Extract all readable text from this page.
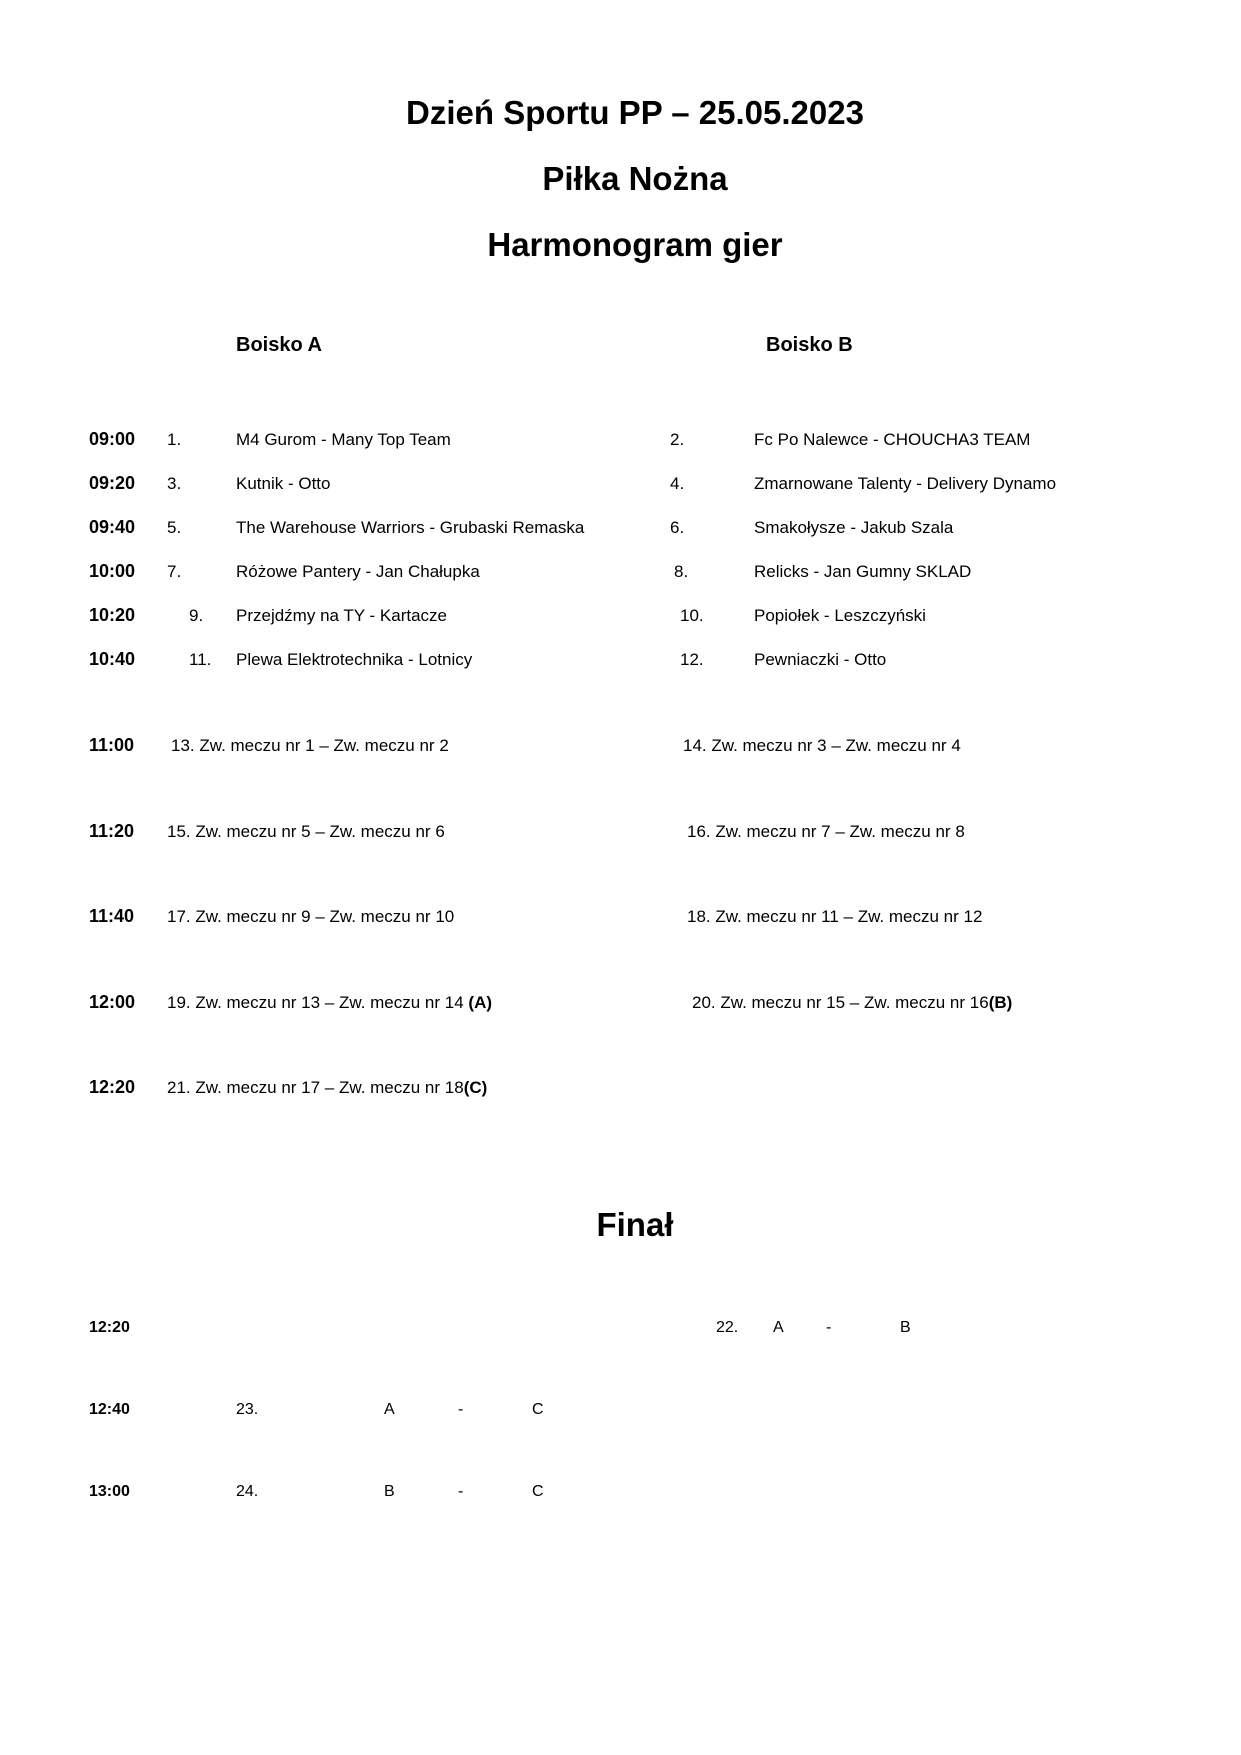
Dzień Sportu PP – 25.05.2023
Piłka Nożna
Harmonogram gier
Boisko A	Boisko B
09:00 1.	M4 Gurom - Many Top Team	2.	Fc Po Nalewce - CHOUCHA3 TEAM
09:20 3.	Kutnik - Otto	4.	Zmarnowane Talenty - Delivery Dynamo
09:40 5.	The Warehouse Warriors - Grubaski Remaska	6.	Smakołysze - Jakub Szala
10:00 7.	Różowe Pantery - Jan Chałupka	8.	Relicks - Jan Gumny SKLAD
10:20	9. Przejdźmy na TY - Kartacze	10.	Popiołek - Leszczyński
10:40	11. Plewa Elektrotechnika - Lotnicy	12.	Pewniaczki - Otto
11:00 13. Zw. meczu nr 1 – Zw. meczu nr 2	14. Zw. meczu nr 3 – Zw. meczu nr 4
11:20 15. Zw. meczu nr 5 – Zw. meczu nr 6	16. Zw. meczu nr 7 – Zw. meczu nr 8
11:40 17. Zw. meczu nr 9 – Zw. meczu nr 10	18. Zw. meczu nr 11 – Zw. meczu nr 12
12:00 19. Zw. meczu nr 13 – Zw. meczu nr 14 (A)	20. Zw. meczu nr 15 – Zw. meczu nr 16(B)
12:20 21. Zw. meczu nr 17 – Zw. meczu nr 18(C)
Finał
12:20	22. A	-	B
12:40	23.	A	-	C
13:00	24.	B	-	C
